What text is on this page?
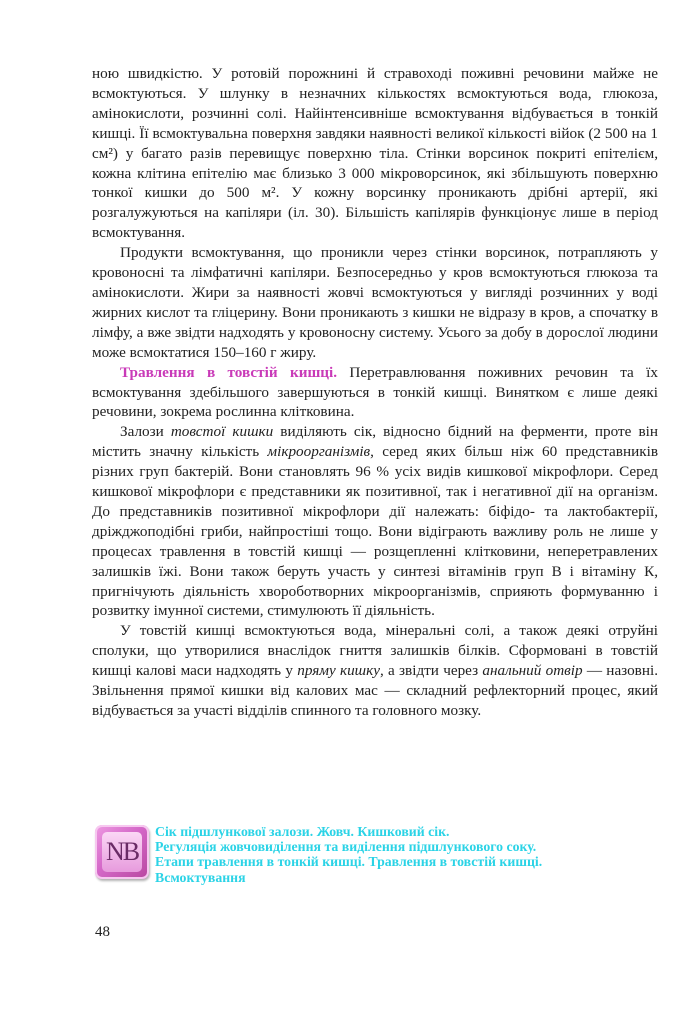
ною швидкістю. У ротовій порожнині й стравоході поживні речовини майже не всмоктуються. У шлунку в незначних кількостях всмоктуються вода, глюкоза, амінокислоти, розчинні солі. Найінтенсивніше всмоктування відбувається в тонкій кишці. Її всмоктувальна поверхня завдяки наявності великої кількості війок (2 500 на 1 см²) у багато разів перевищує поверхню тіла. Стінки ворсинок покриті епітелієм, кожна клітина епітелію має близько 3 000 мікроворсинок, які збільшують поверхню тонкої кишки до 500 м². У кожну ворсинку проникають дрібні артерії, які розгалужуються на капіляри (іл. 30). Більшість капілярів функціонує лише в період всмоктування.

Продукти всмоктування, що проникли через стінки ворсинок, потрапляють у кровоносні та лімфатичні капіляри. Безпосередньо у кров всмоктуються глюкоза та амінокислоти. Жири за наявності жовчі всмоктуються у вигляді розчинних у воді жирних кислот та гліцерину. Вони проникають з кишки не відразу в кров, а спочатку в лімфу, а вже звідти надходять у кровоносну систему. Усього за добу в дорослої людини може всмоктатися 150–160 г жиру.

Травлення в товстій кишці. Перетравлювання поживних речовин та їх всмоктування здебільшого завершуються в тонкій кишці. Винятком є лише деякі речовини, зокрема рослинна клітковина.

Залози товстої кишки виділяють сік, відносно бідний на ферменти, проте він містить значну кількість мікроорганізмів, серед яких більш ніж 60 представників різних груп бактерій. Вони становлять 96 % усіх видів кишкової мікрофлори. Серед кишкової мікрофлори є представники як позитивної, так і негативної дії на організм. До представників позитивної мікрофлори дії належать: біфідо- та лактобактерії, дріжджоподібні гриби, найпростіші тощо. Вони відіграють важливу роль не лише у процесах травлення в товстій кишці — розщепленні клітковини, неперетравлених залишків їжі. Вони також беруть участь у синтезі вітамінів груп В і вітаміну К, пригнічують діяльність хвороботворних мікроорганізмів, сприяють формуванню і розвитку імунної системи, стимулюють її діяльність.

У товстій кишці всмоктуються вода, мінеральні солі, а також деякі отруйні сполуки, що утворилися внаслідок гниття залишків білків. Сформовані в товстій кишці калові маси надходять у пряму кишку, а звідти через анальний отвір — назовні. Звільнення прямої кишки від калових мас — складний рефлекторний процес, який відбувається за участі відділів спинного та головного мозку.

NB
Сік підшлункової залози. Жовч. Кишковий сік.
Регуляція жовчовиділення та виділення підшлункового соку.
Етапи травлення в тонкій кишці. Травлення в товстій кишці.
Всмоктування
48
